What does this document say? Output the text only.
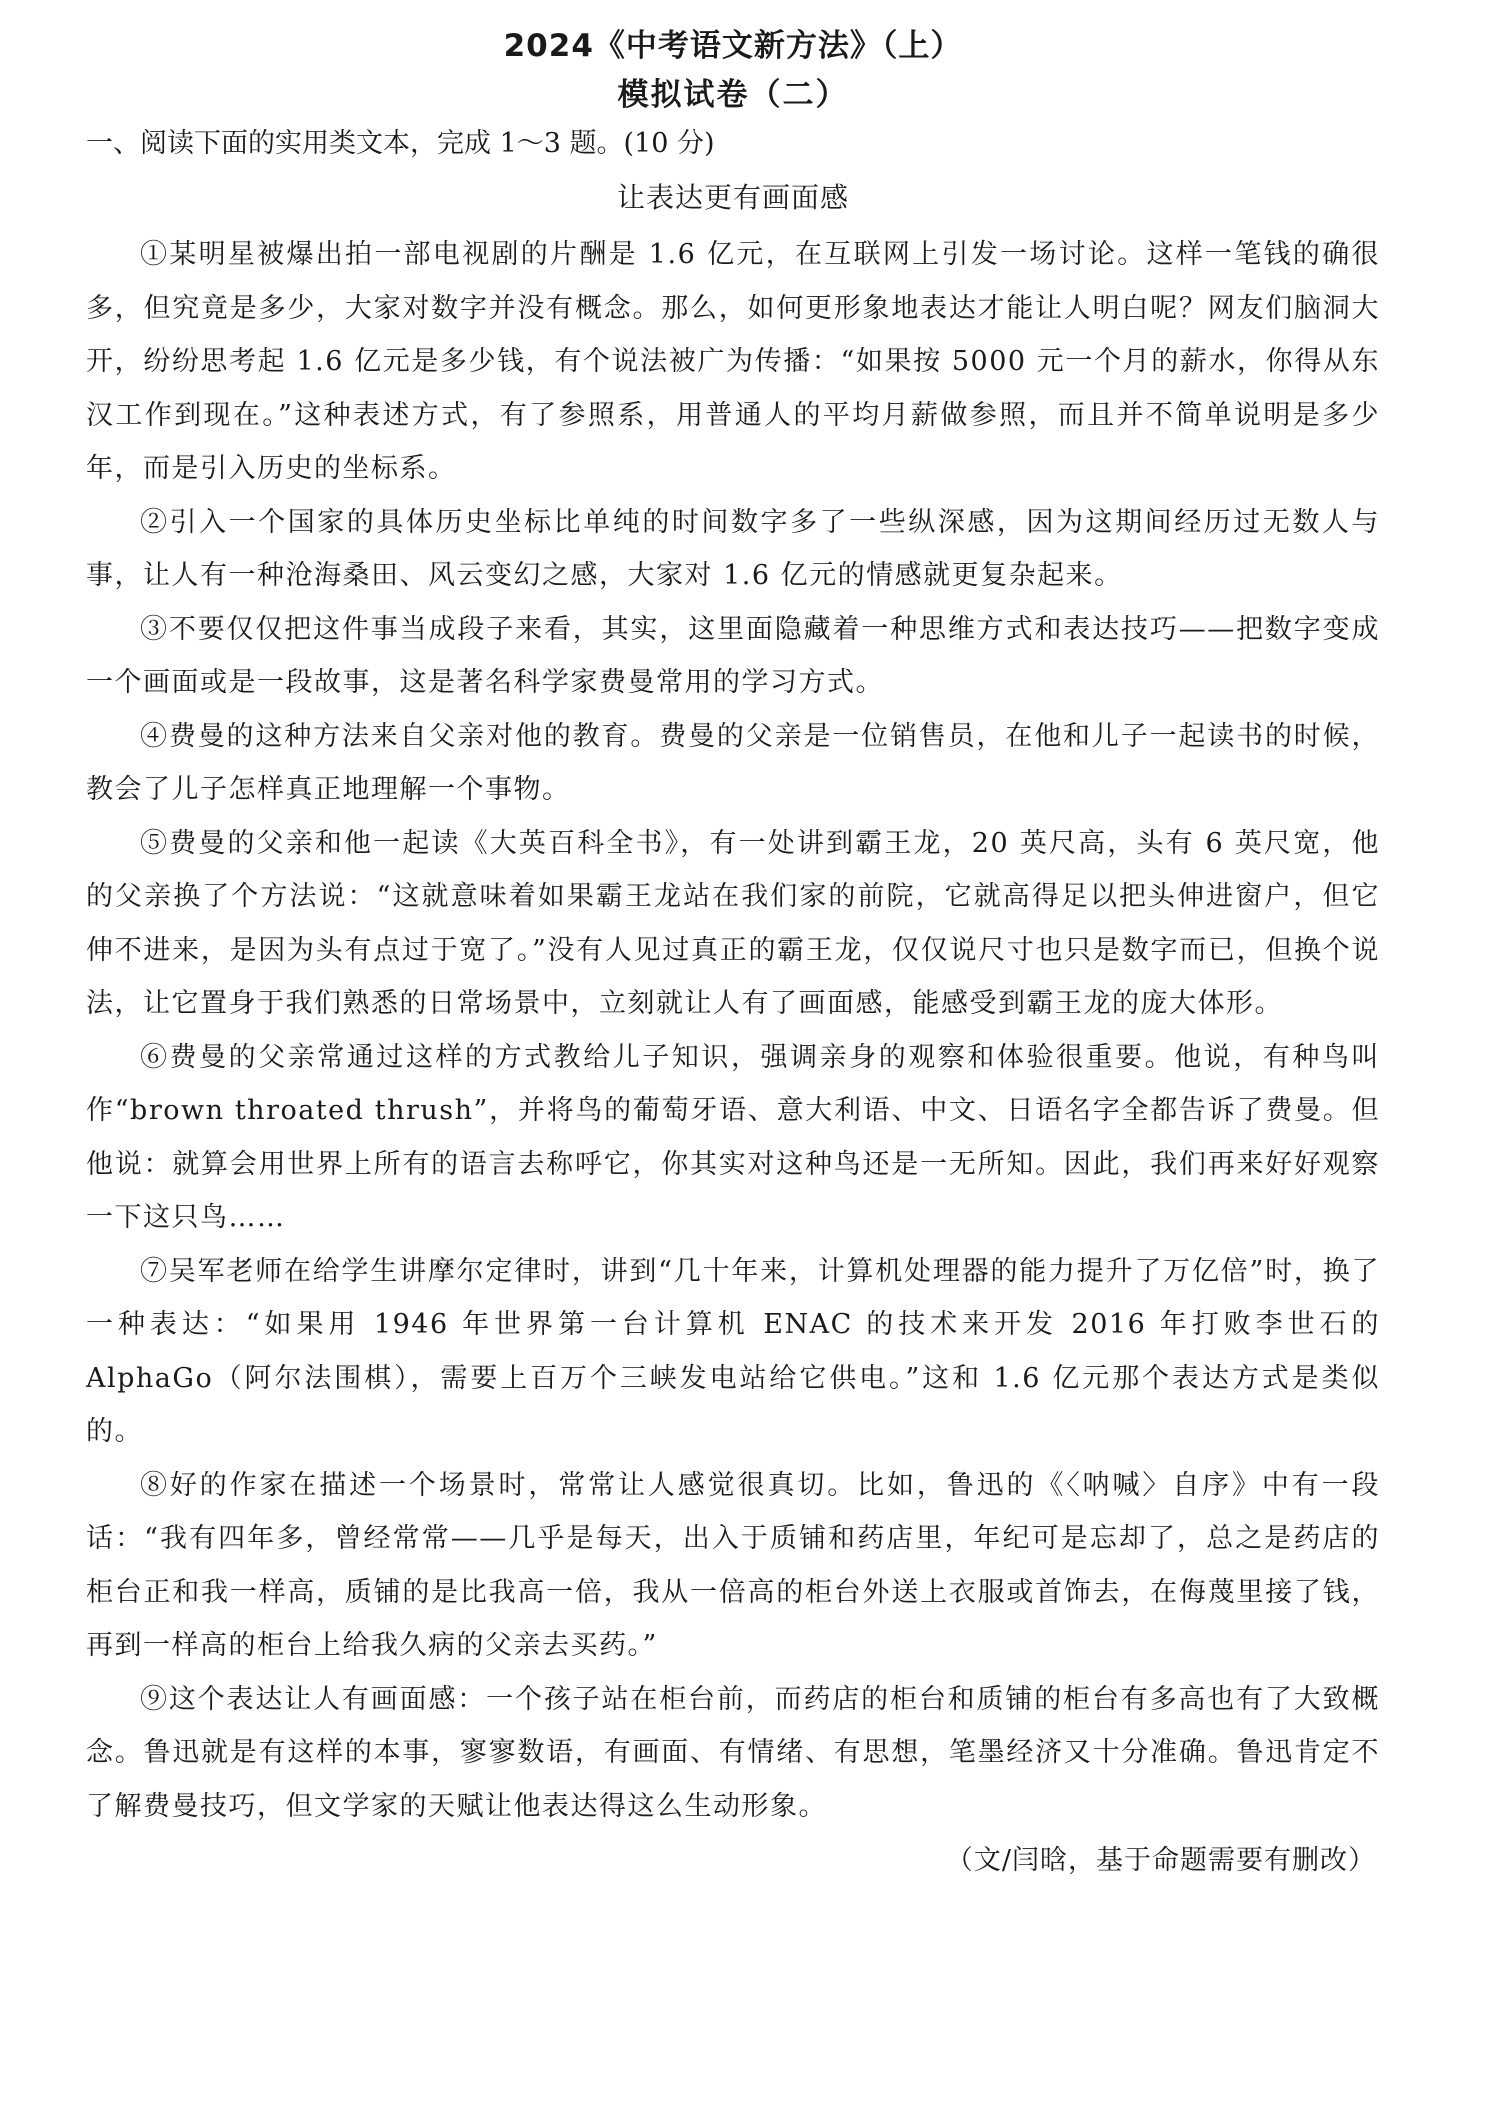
2024《中考语文新方法》（上）
模拟试卷（二）

一、阅读下面的实用类文本，完成 1～3 题。(10 分)

让表达更有画面感

①某明星被爆出拍一部电视剧的片酬是 1.6 亿元，在互联网上引发一场讨论。这样一笔钱的确很多，但究竟是多少，大家对数字并没有概念。那么，如何更形象地表达才能让人明白呢？网友们脑洞大开，纷纷思考起 1.6 亿元是多少钱，有个说法被广为传播：“如果按 5000 元一个月的薪水，你得从东汉工作到现在。”这种表述方式，有了参照系，用普通人的平均月薪做参照，而且并不简单说明是多少年，而是引入历史的坐标系。

②引入一个国家的具体历史坐标比单纯的时间数字多了一些纵深感，因为这期间经历过无数人与事，让人有一种沧海桑田、风云变幻之感，大家对 1.6 亿元的情感就更复杂起来。

③不要仅仅把这件事当成段子来看，其实，这里面隐藏着一种思维方式和表达技巧——把数字变成一个画面或是一段故事，这是著名科学家费曼常用的学习方式。

④费曼的这种方法来自父亲对他的教育。费曼的父亲是一位销售员，在他和儿子一起读书的时候，教会了儿子怎样真正地理解一个事物。

⑤费曼的父亲和他一起读《大英百科全书》，有一处讲到霸王龙，20 英尺高，头有 6 英尺宽，他的父亲换了个方法说：“这就意味着如果霸王龙站在我们家的前院，它就高得足以把头伸进窗户，但它伸不进来，是因为头有点过于宽了。”没有人见过真正的霸王龙，仅仅说尺寸也只是数字而已，但换个说法，让它置身于我们熟悉的日常场景中，立刻就让人有了画面感，能感受到霸王龙的庞大体形。

⑥费曼的父亲常通过这样的方式教给儿子知识，强调亲身的观察和体验很重要。他说，有种鸟叫作“brown throated thrush”，并将鸟的葡萄牙语、意大利语、中文、日语名字全都告诉了费曼。但他说：就算会用世界上所有的语言去称呼它，你其实对这种鸟还是一无所知。因此，我们再来好好观察一下这只鸟……

⑦吴军老师在给学生讲摩尔定律时，讲到“几十年来，计算机处理器的能力提升了万亿倍”时，换了一种表达：“如果用 1946 年世界第一台计算机 ENAC 的技术来开发 2016 年打败李世石的 AlphaGo（阿尔法围棋），需要上百万个三峡发电站给它供电。”这和 1.6 亿元那个表达方式是类似的。

⑧好的作家在描述一个场景时，常常让人感觉很真切。比如，鲁迅的《〈呐喊〉自序》中有一段话：“我有四年多，曾经常常——几乎是每天，出入于质铺和药店里，年纪可是忘却了，总之是药店的柜台正和我一样高，质铺的是比我高一倍，我从一倍高的柜台外送上衣服或首饰去，在侮蔑里接了钱，再到一样高的柜台上给我久病的父亲去买药。”

⑨这个表达让人有画面感：一个孩子站在柜台前，而药店的柜台和质铺的柜台有多高也有了大致概念。鲁迅就是有这样的本事，寥寥数语，有画面、有情绪、有思想，笔墨经济又十分准确。鲁迅肯定不了解费曼技巧，但文学家的天赋让他表达得这么生动形象。

（文/闫晗，基于命题需要有删改）
